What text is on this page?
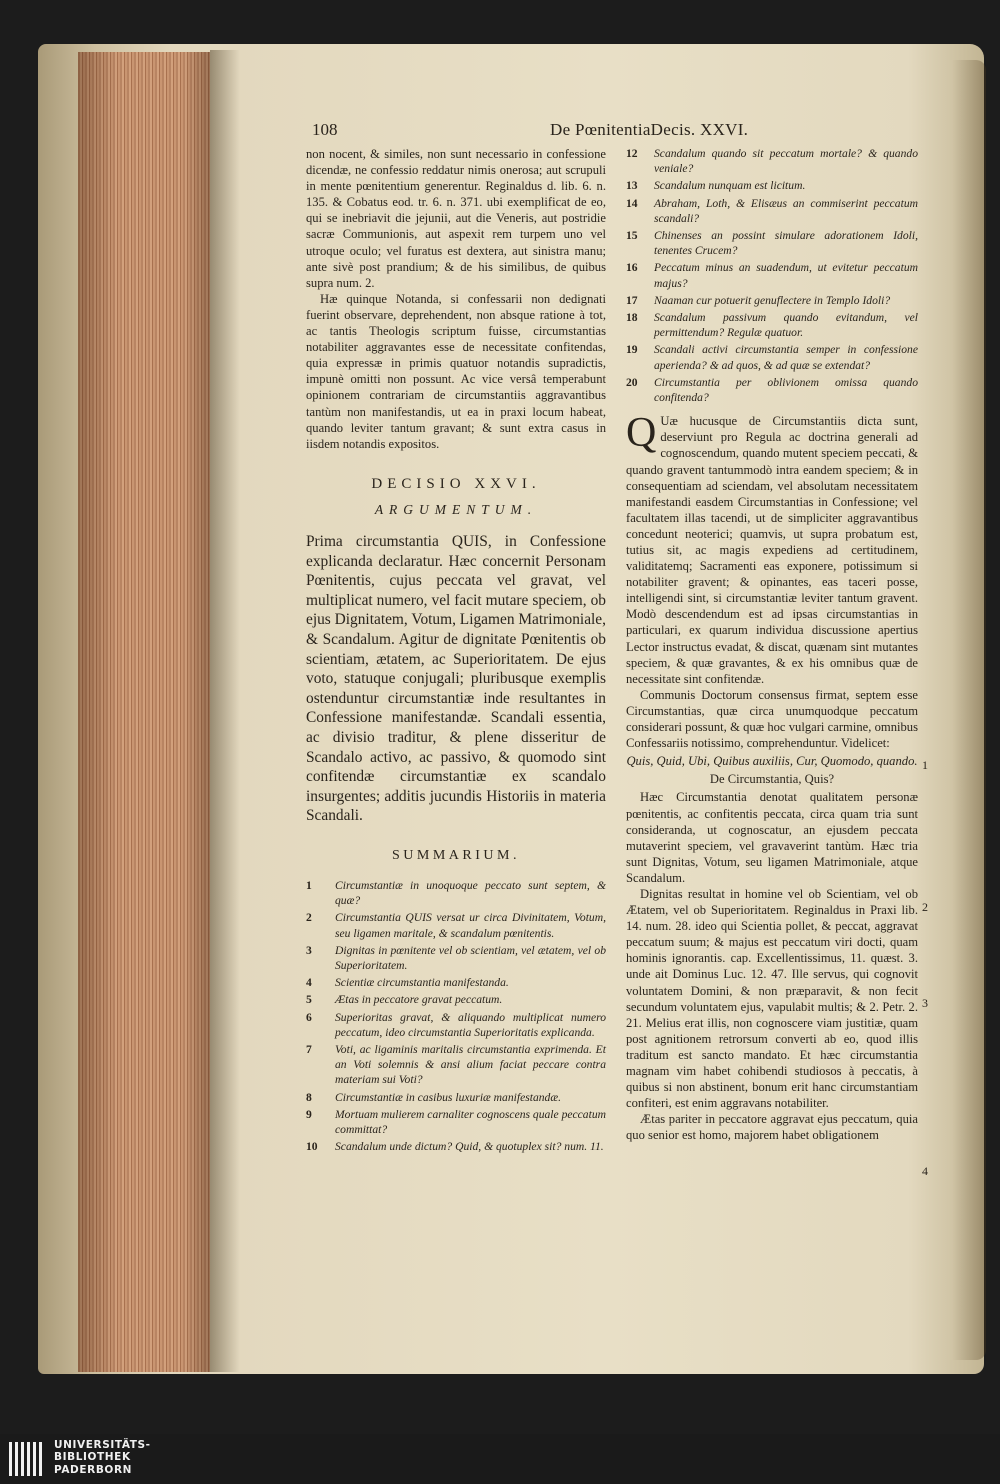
108	De PœnitentiaDecis. XXVI.

non nocent, & similes, non sunt necessario in confessione dicendæ, ne confessio reddatur nimis onerosa; aut scrupuli in mente pœnitentium generentur. Reginaldus d. lib. 6. n. 135. & Cobatus eod. tr. 6. n. 371. ubi exemplificat de eo, qui se inebriavit die jejunii, aut die Veneris, aut postridie sacræ Communionis, aut aspexit rem turpem uno vel utroque oculo; vel furatus est dextera, aut sinistra manu; ante sivè post prandium; & de his similibus, de quibus supra num. 2.

Hæ quinque Notanda, si confessarii non dedignati fuerint observare, deprehendent, non absque ratione à tot, ac tantis Theologis scriptum fuisse, circumstantias notabiliter aggravantes esse de necessitate confitendas, quia expressæ in primis quatuor notandis supradictis, impunè omitti non possunt. Ac vice versâ temperabunt opinionem contrariam de circumstantiis aggravantibus tantùm non manifestandis, ut ea in praxi locum habeat, quando leviter tantum gravant; & sunt extra casus in iisdem notandis expositos.

DECISIO XXVI.

ARGUMENTUM.

Prima circumstantia QUIS, in Confessione explicanda declaratur. Hæc concernit Personam Pœnitentis, cujus peccata vel gravat, vel multiplicat numero, vel facit mutare speciem, ob ejus Dignitatem, Votum, Ligamen Matrimoniale, & Scandalum. Agitur de dignitate Pœnitentis ob scientiam, ætatem, ac Superioritatem. De ejus voto, statuque conjugali; pluribusque exemplis ostenduntur circumstantiæ inde resultantes in Confessione manifestandæ. Scandali essentia, ac divisio traditur, & plene disseritur de Scandalo activo, ac passivo, & quomodo sint confitendæ circumstantiæ ex scandalo insurgentes; additis jucundis Historiis in materia Scandali.

SUMMARIUM.

1 Circumstantiæ in unoquoque peccato sunt septem, & quæ?
2 Circumstantia QUIS versat ur circa Divinitatem, Votum, seu ligamen maritale, & scandalum pœnitentis.
3 Dignitas in pœnitente vel ob scientiam, vel ætatem, vel ob Superioritatem.
4 Scientiæ circumstantia manifestanda.
5 Ætas in peccatore gravat peccatum.
6 Superioritas gravat, & aliquando multiplicat numero peccatum, ideo circumstantia Superioritatis explicanda.
7 Voti, ac ligaminis maritalis circumstantia exprimenda. Et an Voti solemnis & ansi alium faciat peccare contra materiam sui Voti?
8 Circumstantiæ in casibus luxuriæ manifestandæ.
9 Mortuam mulierem carnaliter cognoscens quale peccatum committat?
10 Scandalum unde dictum? Quid, & quotuplex sit? num. 11.
12 Scandalum quando sit peccatum mortale? & quando veniale?
13 Scandalum nunquam est licitum.
14 Abraham, Loth, & Elisæus an commiserint peccatum scandali?
15 Chinenses an possint simulare adorationem Idoli, tenentes Crucem?
16 Peccatum minus an suadendum, ut evitetur peccatum majus?
17 Naaman cur potuerit genuflectere in Templo Idoli?
18 Scandalum passivum quando evitandum, vel permittendum? Regulæ quatuor.
19 Scandali activi circumstantia semper in confessione aperienda? & ad quos, & ad quæ se extendat?
20 Circumstantia per oblivionem omissa quando confitenda?

Q Uæ hucusque de Circumstantiis dicta sunt, deserviunt pro Regula ac doctrina generali ad cognoscendum, quando mutent speciem peccati, & quando gravent tantummodò intra eandem speciem; & in consequentiam ad sciendam, vel absolutam necessitatem manifestandi easdem Circumstantias in Confessione; vel facultatem illas tacendi, ut de simpliciter aggravantibus concedunt neoterici; quamvis, ut supra probatum est, tutius sit, ac magis expediens ad certitudinem, validitatemq; Sacramenti eas exponere, potissimum si notabiliter gravent; & opinantes, eas taceri posse, intelligendi sint, si circumstantiæ leviter tantum gravent. Modò descendendum est ad ipsas circumstantias in particulari, ex quarum individua discussione apertius Lector instructus evadat, & discat, quænam sint mutantes speciem, & quæ gravantes, & ex his omnibus quæ de necessitate sint confitendæ.

Communis Doctorum consensus firmat, septem esse Circumstantias, quæ circa unumquodque peccatum considerari possunt, & quæ hoc vulgari carmine, omnibus Confessariis notissimo, comprehenduntur. Videlicet:

Quis, Quid, Ubi, Quibus auxiliis, Cur, Quomodo, quando.

De Circumstantia, Quis?

Hæc Circumstantia denotat qualitatem personæ pœnitentis, ac confitentis peccata, circa quam tria sunt consideranda, ut cognoscatur, an ejusdem peccata mutaverint speciem, vel gravaverint tantùm. Hæc tria sunt Dignitas, Votum, seu ligamen Matrimoniale, atque Scandalum.

Dignitas resultat in homine vel ob Scientiam, vel ob Ætatem, vel ob Superioritatem. Reginaldus in Praxi lib. 14. num. 28. ideo qui Scientia pollet, & peccat, aggravat peccatum suum; & majus est peccatum viri docti, quam hominis ignorantis. cap. Excellentissimus, 11. quæst. 3. unde ait Dominus Luc. 12. 47. Ille servus, qui cognovit voluntatem Domini, & non præparavit, & non fecit secundum voluntatem ejus, vapulabit multis; & 2. Petr. 2. 21. Melius erat illis, non cognoscere viam justitiæ, quam post agnitionem retrorsum converti ab eo, quod illis traditum est sancto mandato. Et hæc circumstantia magnam vim habet cohibendi studiosos à peccatis, à quibus si non abstinent, bonum erit hanc circumstantiam confiteri, est enim aggravans notabiliter.

Ætas pariter in peccatore aggravat ejus peccatum, quia quo senior est homo, majorem habet obligationem

1
2
3
4
UNIVERSITÄTS-
BIBLIOTHEK
PADERBORN
